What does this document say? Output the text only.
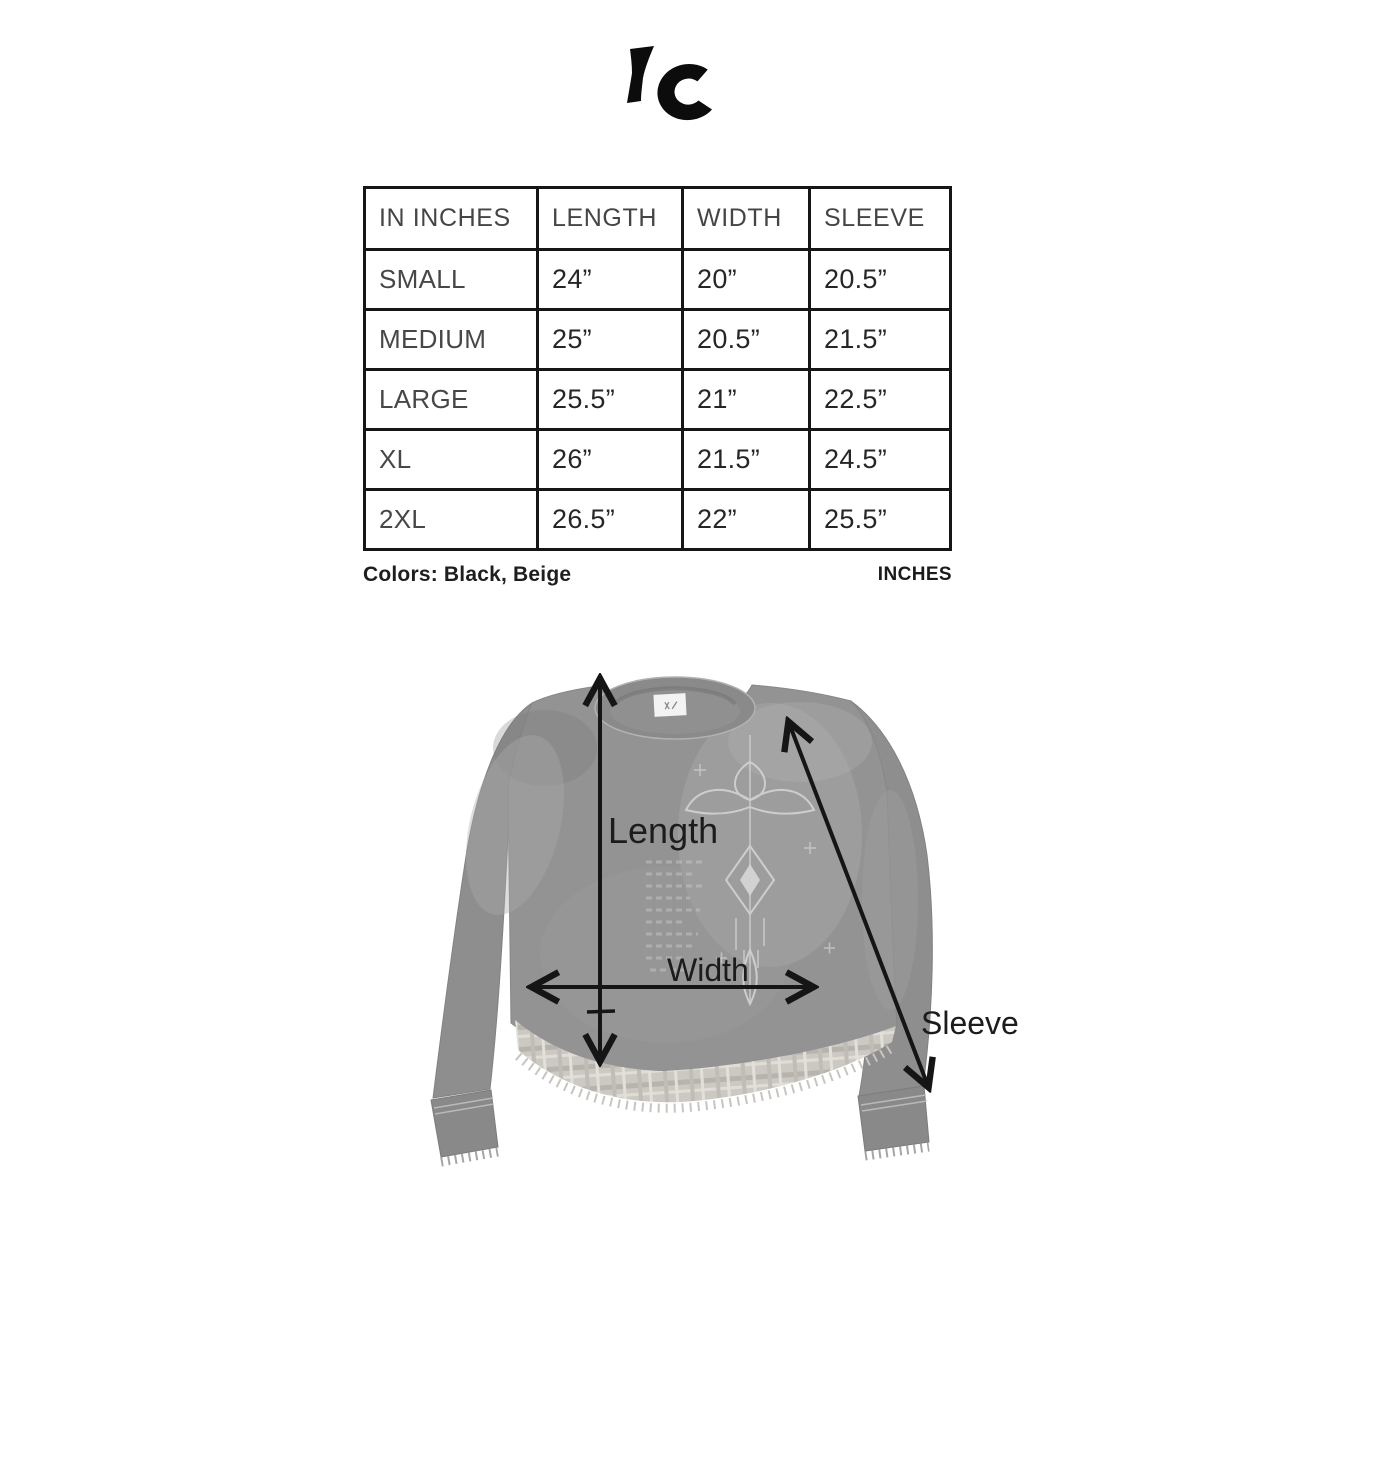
IN INCHES	LENGTH	WIDTH	SLEEVE
SMALL	24”	20”	20.5”
MEDIUM	25”	20.5”	21.5”
LARGE	25.5”	21”	22.5”
XL	26”	21.5”	24.5”
2XL	26.5”	22”	25.5”
Colors: Black, Beige	INCHES
Length
Width
Sleeve
